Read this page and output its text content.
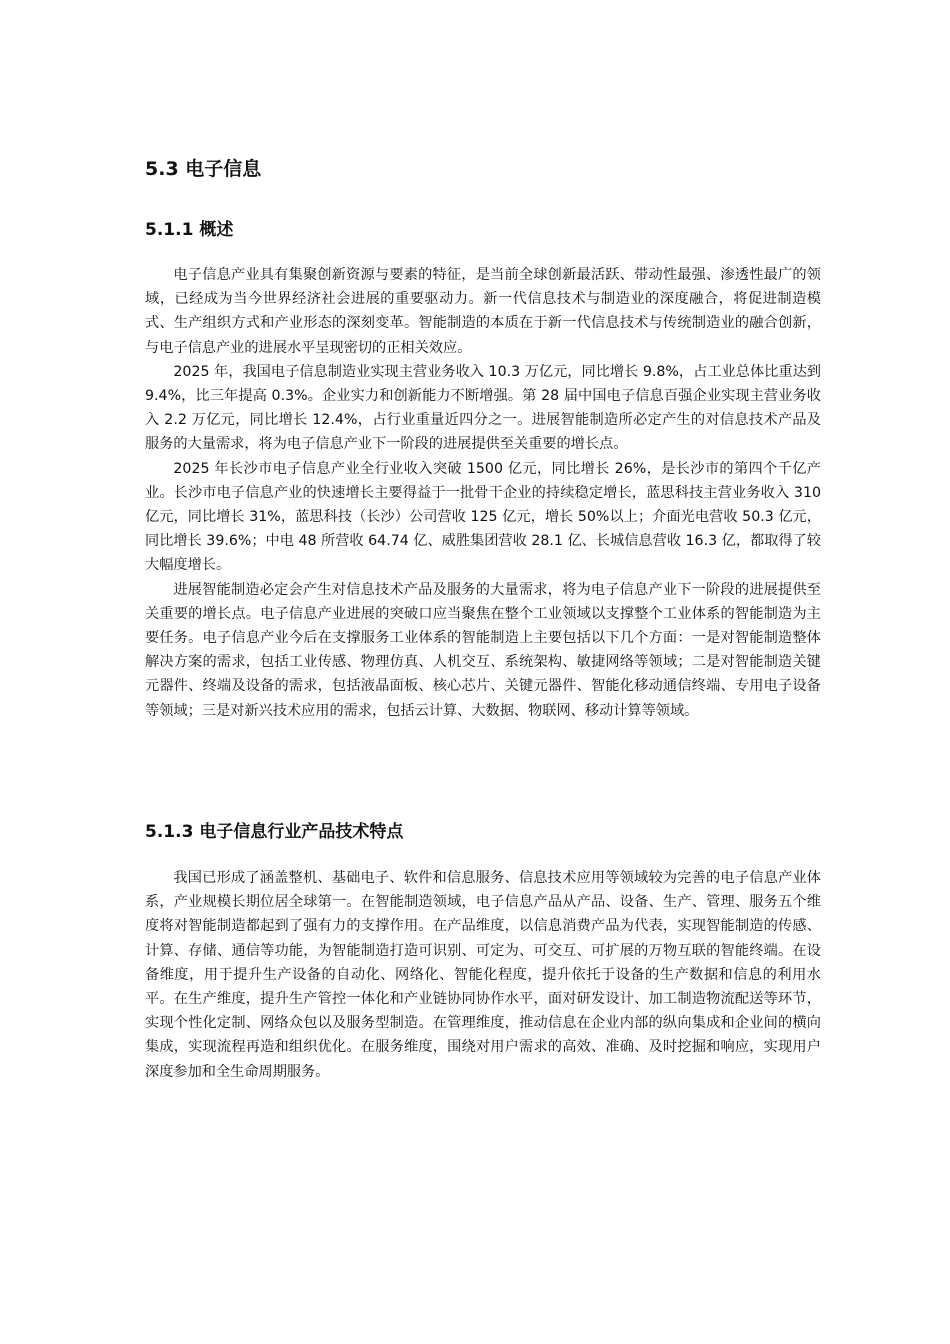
5.3 电子信息
5.1.1 概述

电子信息产业具有集聚创新资源与要素的特征，是当前全球创新最活跃、带动性最强、渗透性最广的领域，已经成为当今世界经济社会进展的重要驱动力。新一代信息技术与制造业的深度融合，将促进制造模式、生产组织方式和产业形态的深刻变革。智能制造的本质在于新一代信息技术与传统制造业的融合创新，与电子信息产业的进展水平呈现密切的正相关效应。

2025 年，我国电子信息制造业实现主营业务收入 10.3 万亿元，同比增长 9.8%，占工业总体比重达到 9.4%，比三年提高 0.3%。企业实力和创新能力不断增强。第 28 届中国电子信息百强企业实现主营业务收入 2.2 万亿元，同比增长 12.4%，占行业重量近四分之一。进展智能制造所必定产生的对信息技术产品及服务的大量需求，将为电子信息产业下一阶段的进展提供至关重要的增长点。

2025 年长沙市电子信息产业全行业收入突破 1500 亿元，同比增长 26%，是长沙市的第四个千亿产业。长沙市电子信息产业的快速增长主要得益于一批骨干企业的持续稳定增长，蓝思科技主营业务收入 310 亿元，同比增长 31%，蓝思科技（长沙）公司营收 125 亿元，增长 50%以上；介面光电营收 50.3 亿元，同比增长 39.6%；中电 48 所营收 64.74 亿、威胜集团营收 28.1 亿、长城信息营收 16.3 亿，都取得了较大幅度增长。

进展智能制造必定会产生对信息技术产品及服务的大量需求，将为电子信息产业下一阶段的进展提供至关重要的增长点。电子信息产业进展的突破口应当聚焦在整个工业领域以支撑整个工业体系的智能制造为主要任务。电子信息产业今后在支撑服务工业体系的智能制造上主要包括以下几个方面：一是对智能制造整体解决方案的需求，包括工业传感、物理仿真、人机交互、系统架构、敏捷网络等领域；二是对智能制造关键元器件、终端及设备的需求，包括液晶面板、核心芯片、关键元器件、智能化移动通信终端、专用电子设备等领域；三是对新兴技术应用的需求，包括云计算、大数据、物联网、移动计算等领域。

5.1.3 电子信息行业产品技术特点

我国已形成了涵盖整机、基础电子、软件和信息服务、信息技术应用等领域较为完善的电子信息产业体系，产业规模长期位居全球第一。在智能制造领域，电子信息产品从产品、设备、生产、管理、服务五个维度将对智能制造都起到了强有力的支撑作用。在产品维度，以信息消费产品为代表，实现智能制造的传感、计算、存储、通信等功能，为智能制造打造可识别、可定为、可交互、可扩展的万物互联的智能终端。在设备维度，用于提升生产设备的自动化、网络化、智能化程度，提升依托于设备的生产数据和信息的利用水平。在生产维度，提升生产管控一体化和产业链协同协作水平，面对研发设计、加工制造物流配送等环节，实现个性化定制、网络众包以及服务型制造。在管理维度，推动信息在企业内部的纵向集成和企业间的横向集成，实现流程再造和组织优化。在服务维度，围绕对用户需求的高效、准确、及时挖掘和响应，实现用户深度参加和全生命周期服务。
